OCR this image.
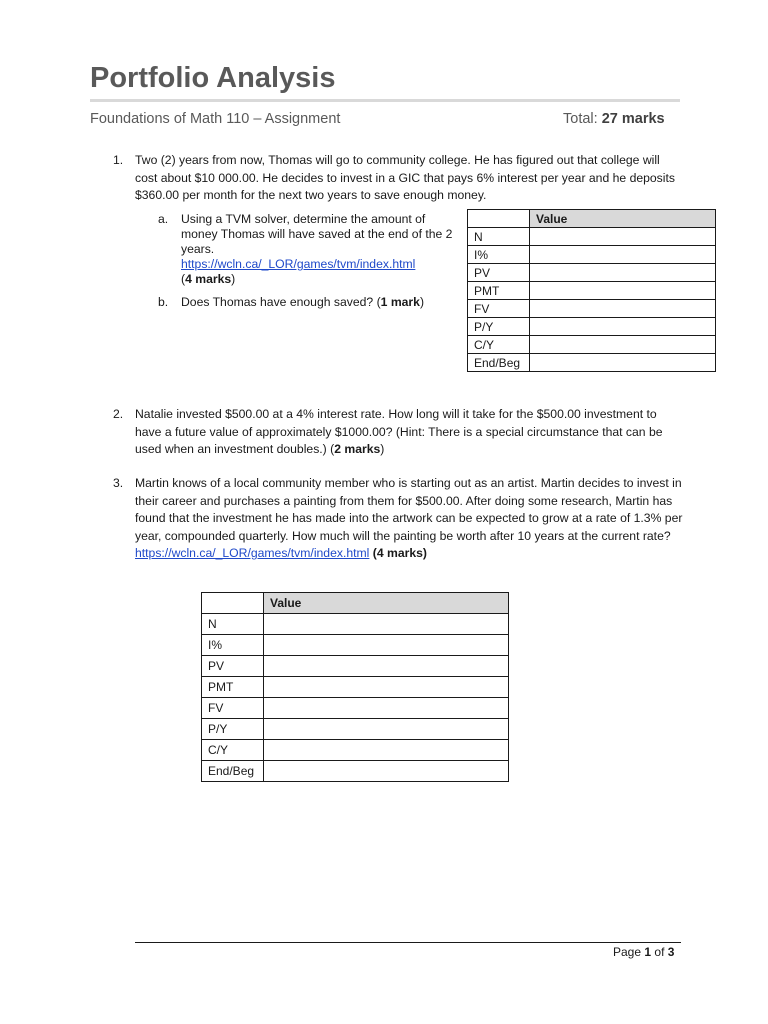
Portfolio Analysis
Foundations of Math 110 – Assignment	Total: 27 marks
1. Two (2) years from now, Thomas will go to community college. He has figured out that college will cost about $10 000.00. He decides to invest in a GIC that pays 6% interest per year and he deposits $360.00 per month for the next two years to save enough money.
a. Using a TVM solver, determine the amount of money Thomas will have saved at the end of the 2 years.
https://wcln.ca/_LOR/games/tvm/index.html
(4 marks)
b. Does Thomas have enough saved? (1 mark)
	Value
N	
I%	
PV	
PMT	
FV	
P/Y	
C/Y	
End/Beg	
2. Natalie invested $500.00 at a 4% interest rate. How long will it take for the $500.00 investment to have a future value of approximately $1000.00? (Hint: There is a special circumstance that can be used when an investment doubles.) (2 marks)
3. Martin knows of a local community member who is starting out as an artist. Martin decides to invest in their career and purchases a painting from them for $500.00. After doing some research, Martin has found that the investment he has made into the artwork can be expected to grow at a rate of 1.3% per year, compounded quarterly. How much will the painting be worth after 10 years at the current rate? https://wcln.ca/_LOR/games/tvm/index.html (4 marks)
	Value
N	
I%	
PV	
PMT	
FV	
P/Y	
C/Y	
End/Beg	
Page 1 of 3
